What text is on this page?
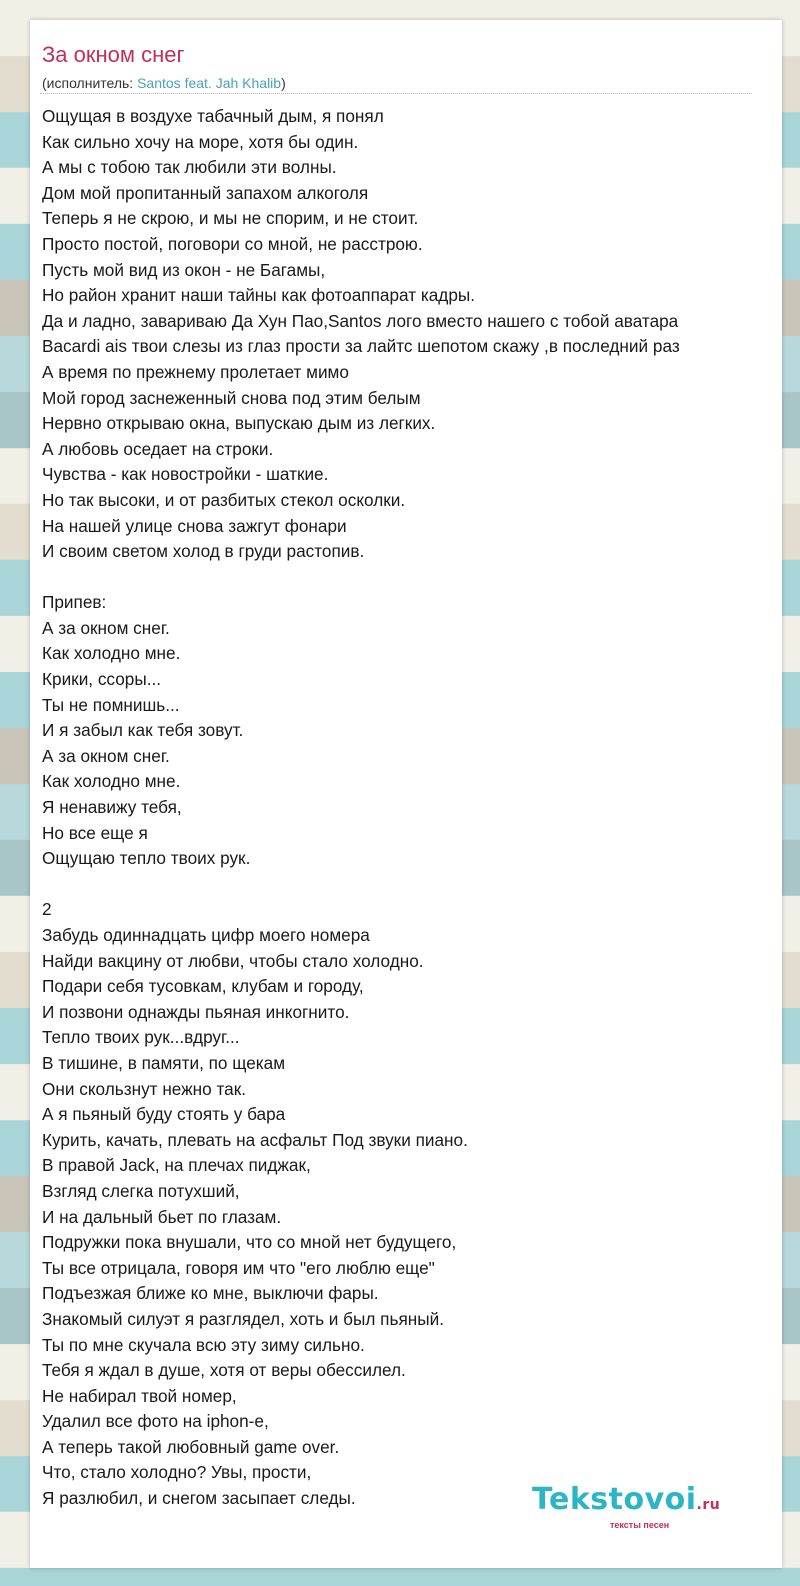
За окном снег
(исполнитель: Santos feat. Jah Khalib)
Ощущая в воздухе табачный дым, я понял
Как сильно хочу на море, хотя бы один.
А мы с тобою так любили эти волны.
Дом мой пропитанный запахом алкоголя
Теперь я не скрою, и мы не спорим, и не стоит.
Просто постой, поговори со мной, не расстрою.
Пусть мой вид из окон - не Багамы,
Но район хранит наши тайны как фотоаппарат кадры.
Да и ладно, завариваю Да Хун Пао,Santos лого вместо нашего с тобой аватара
Bacardi ais твои слезы из глаз прости за лайтс шепотом скажу ,в последний раз
А время по прежнему пролетает мимо
Мой город заснеженный снова под этим белым
Нервно открываю окна, выпускаю дым из легких.
А любовь оседает на строки.
Чувства - как новостройки - шаткие.
Но так высоки, и от разбитых стекол осколки.
На нашей улице снова зажгут фонари
И своим светом холод в груди растопив.
Припев:
А за окном снег.
Как холодно мне.
Крики, ссоры...
Ты не помнишь...
И я забыл как тебя зовут.
А за окном снег.
Как холодно мне.
Я ненавижу тебя,
Но все еще я
Ощущаю тепло твоих рук.
2
Забудь одиннадцать цифр моего номера
Найди вакцину от любви, чтобы стало холодно.
Подари себя тусовкам, клубам и городу,
И позвони однажды пьяная инкогнито.
Тепло твоих рук...вдруг...
В тишине, в памяти, по щекам
Они скользнут нежно так.
А я пьяный буду стоять у бара
Курить, качать, плевать на асфальт Под звуки пиано.
В правой Jack, на плечах пиджак,
Взгляд слегка потухший,
И на дальный бьет по глазам.
Подружки пока внушали, что со мной нет будущего,
Ты все отрицала, говоря им что "его люблю еще"
Подъезжая ближе ко мне, выключи фары.
Знакомый силуэт я разглядел, хоть и был пьяный.
Ты по мне скучала всю эту зиму сильно.
Тебя я ждал в душе, хотя от веры обессилел.
Не набирал твой номер,
Удалил все фото на iphon-e,
А теперь такой любовный game over.
Что, стало холодно? Увы, прости,
Я разлюбил, и снегом засыпает следы.	Tekstovoi.ru
тексты песен
